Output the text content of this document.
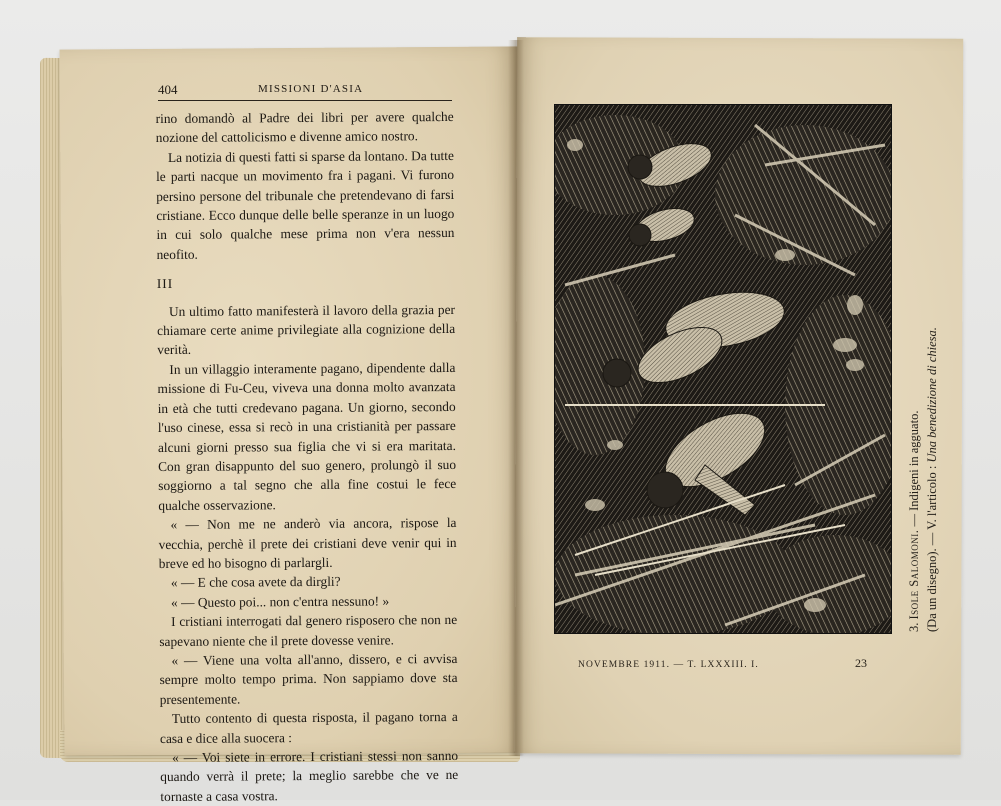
404	MISSIONI D'ASIA

rino domandò al Padre dei libri per avere qualche nozione del cattolicismo e divenne amico nostro.

La notizia di questi fatti si sparse da lontano. Da tutte le parti nacque un movimento fra i pagani. Vi furono persino persone del tribunale che pretendevano di farsi cristiane. Ecco dunque delle belle speranze in un luogo in cui solo qualche mese prima non v'era nessun neofito.

III

Un ultimo fatto manifesterà il lavoro della grazia per chiamare certe anime privilegiate alla cognizione della verità.

In un villaggio interamente pagano, dipendente dalla missione di Fu-Ceu, viveva una donna molto avanzata in età che tutti credevano pagana. Un giorno, secondo l'uso cinese, essa si recò in una cristianità per passare alcuni giorni presso sua figlia che vi si era maritata. Con gran disappunto del suo genero, prolungò il suo soggiorno a tal segno che alla fine costui le fece qualche osservazione.

« — Non me ne anderò via ancora, rispose la vecchia, perchè il prete dei cristiani deve venir qui in breve ed ho bisogno di parlargli.

« — E che cosa avete da dirgli?

« — Questo poi... non c'entra nessuno! »

I cristiani interrogati dal genero risposero che non ne sapevano niente che il prete dovesse venire.

« — Viene una volta all'anno, dissero, e ci avvisa sempre molto tempo prima. Non sappiamo dove sta presentemente.

Tutto contento di questa risposta, il pagano torna a casa e dice alla suocera :

« — Voi siete in errore. I cristiani stessi non sanno quando verrà il prete; la meglio sarebbe che ve ne tornaste a casa vostra.

3. Isole Salomoni. — Indigeni in agguato.
(Da un disegno). — V. l'articolo : Una benedizione di chiesa.
NOVEMBRE 1911. — T. LXXXIII. I.	23
